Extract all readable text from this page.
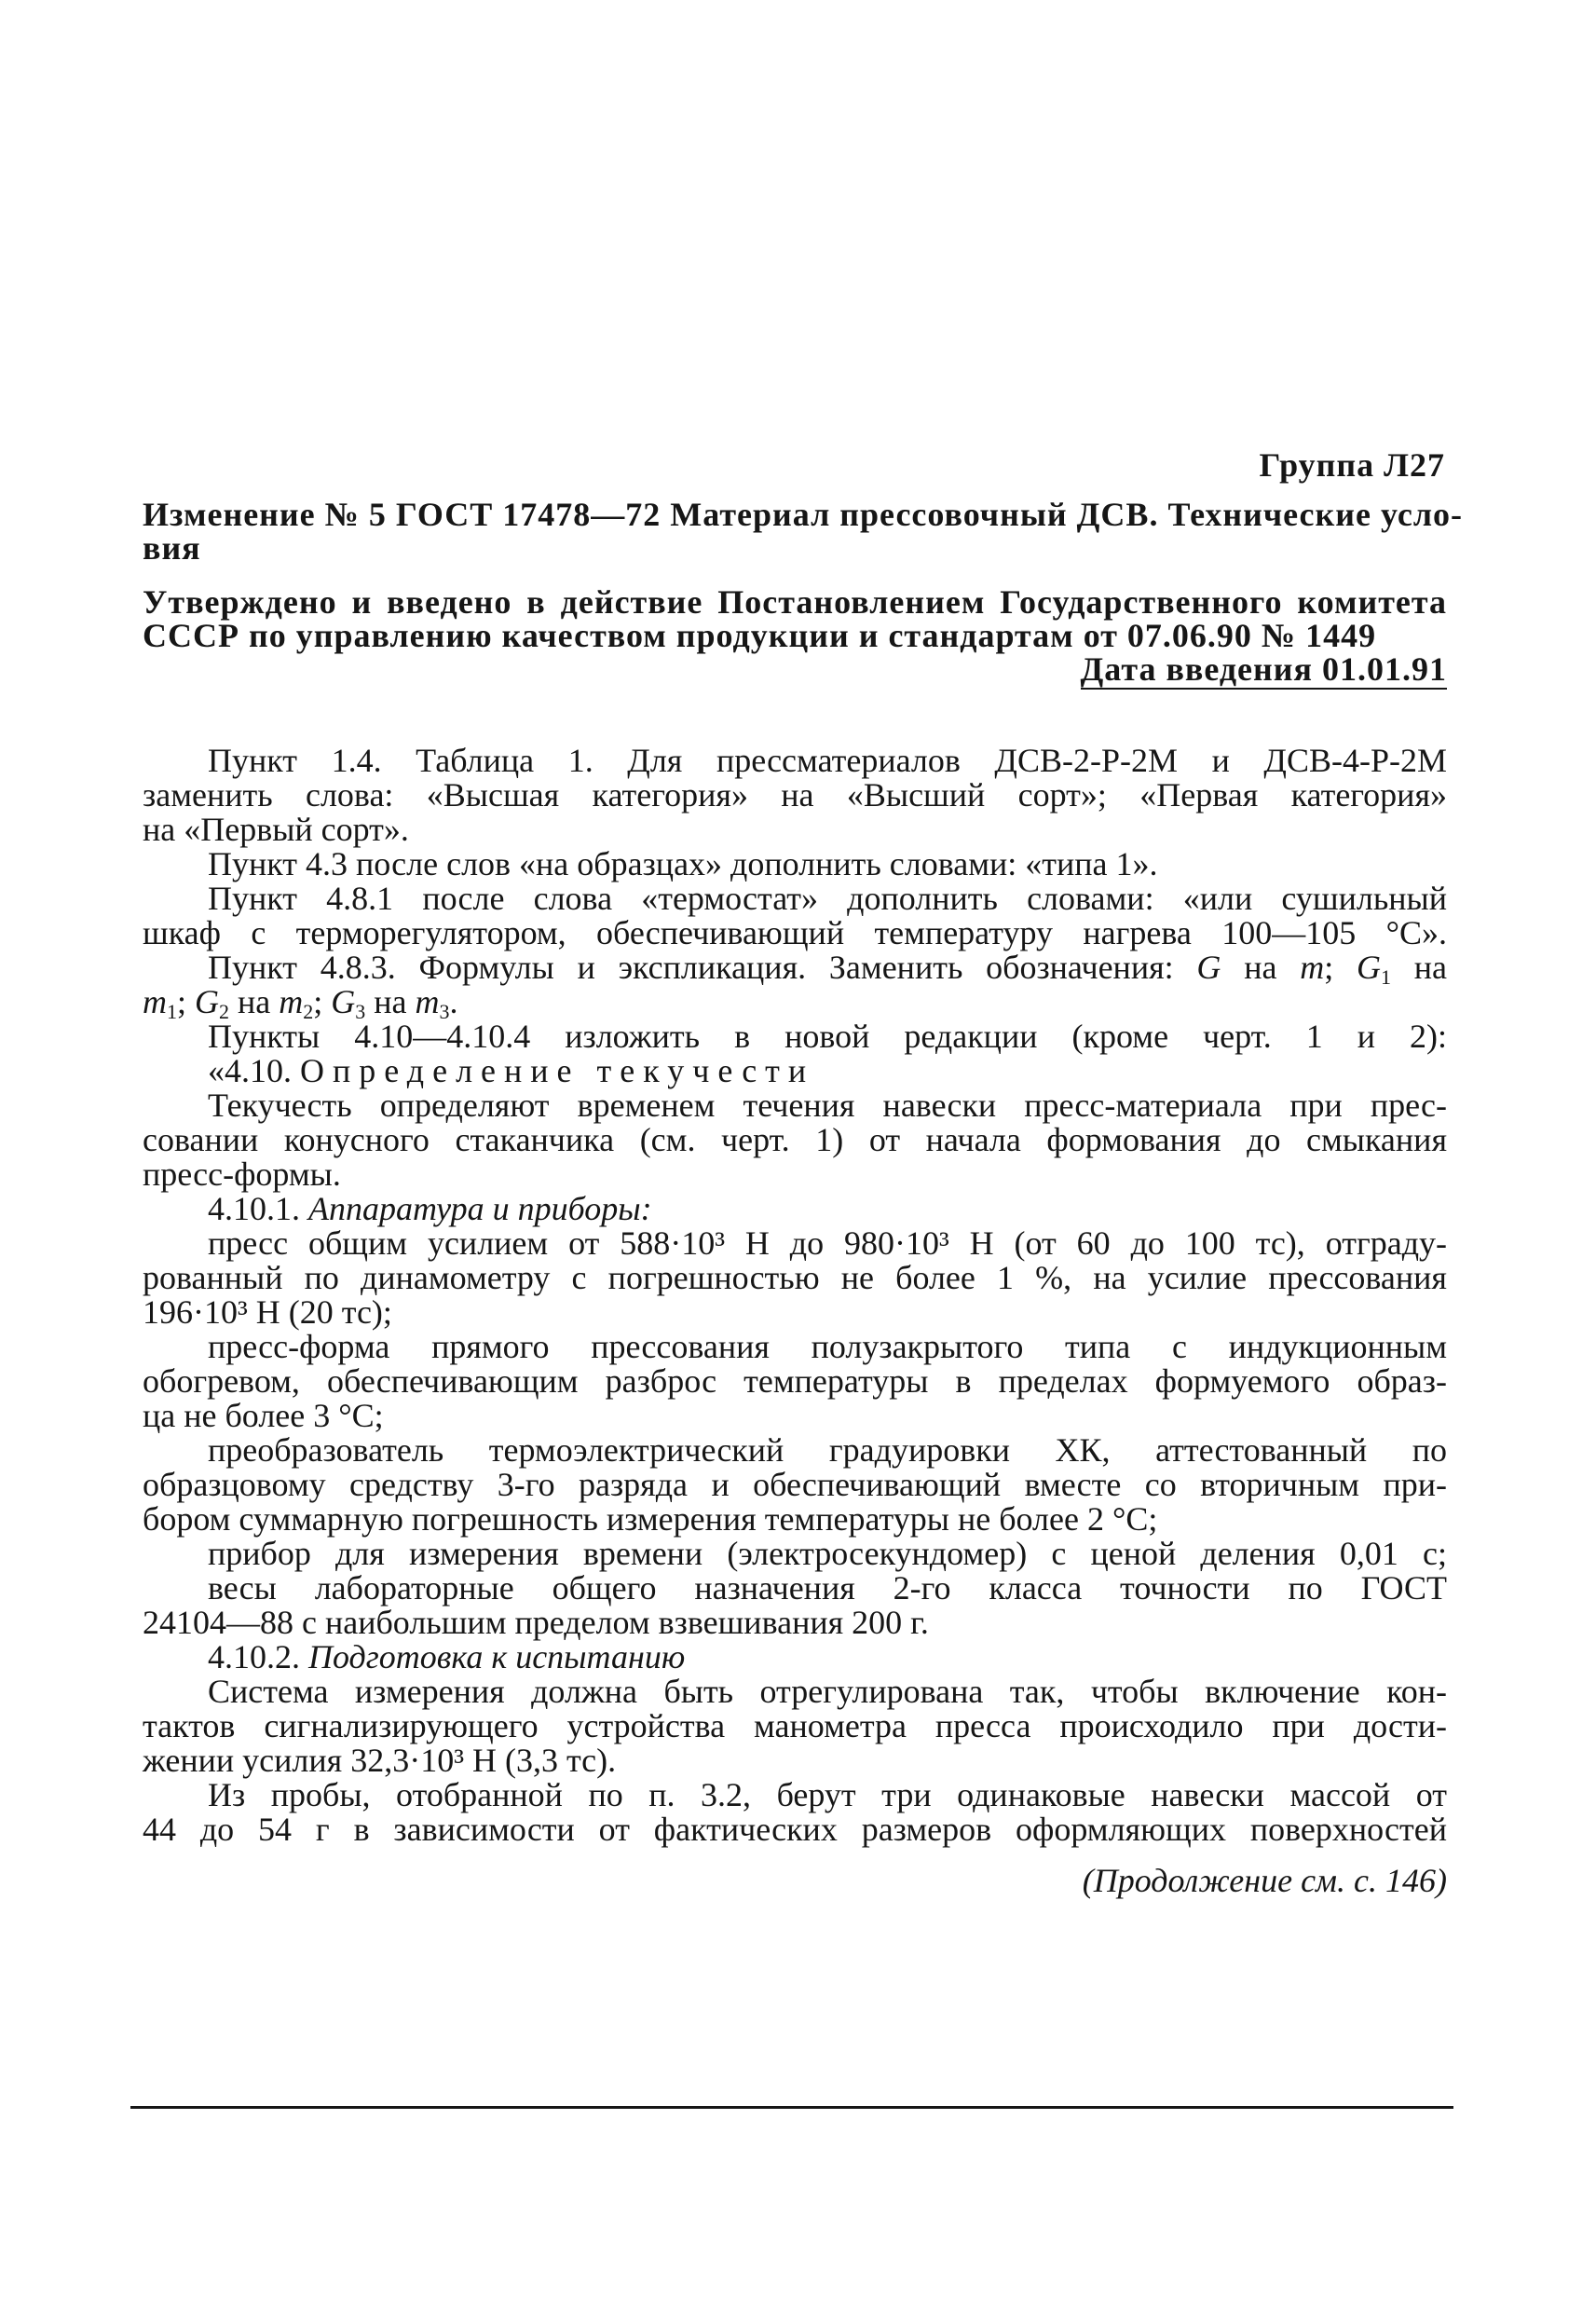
Группа Л27

Изменение № 5 ГОСТ 17478—72 Материал прессовочный ДСВ. Технические усло-

вия

Утверждено и введено в действие Постановлением Государственного комитета

СССР по управлению качеством продукции и стандартам от 07.06.90 № 1449

Дата введения 01.01.91

Пункт 1.4. Таблица 1. Для прессматериалов ДСВ-2-Р-2М и ДСВ-4-Р-2М
заменить слова: «Высшая категория» на «Высший сорт»; «Первая категория»
на «Первый сорт».
Пункт 4.3 после слов «на образцах» дополнить словами: «типа 1».
Пункт 4.8.1 после слова «термостат» дополнить словами: «или сушильный
шкаф с терморегулятором, обеспечивающий температуру нагрева 100—105 °С».
Пункт 4.8.3. Формулы и экспликация. Заменить обозначения: G на m; $G_1$ на
$m_1$; $G_2$ на $m_2$; $G_3$ на $m_3$.
Пункты 4.10—4.10.4 изложить в новой редакции (кроме черт. 1 и 2):
«4.10. Определение текучести
Текучесть определяют временем течения навески пресс-материала при прес-
совании конусного стаканчика (см. черт. 1) от начала формования до смыкания
пресс-формы.
4.10.1. Аппаратура и приборы:
пресс общим усилием от 588·10³ Н до 980·10³ Н (от 60 до 100 тс), отграду-
рованный по динамометру с погрешностью не более 1 %, на усилие прессования
196·10³ Н (20 тс);
пресс-форма прямого прессования полузакрытого типа с индукционным
обогревом, обеспечивающим разброс температуры в пределах формуемого образ-
ца не более 3 °С;
преобразователь термоэлектрический градуировки ХК, аттестованный по
образцовому средству 3-го разряда и обеспечивающий вместе со вторичным при-
бором суммарную погрешность измерения температуры не более 2 °С;
прибор для измерения времени (электросекундомер) с ценой деления 0,01 с;
весы лабораторные общего назначения 2-го класса точности по ГОСТ
24104—88 с наибольшим пределом взвешивания 200 г.
4.10.2. Подготовка к испытанию
Система измерения должна быть отрегулирована так, чтобы включение кон-
тактов сигнализирующего устройства манометра пресса происходило при дости-
жении усилия 32,3·10³ Н (3,3 тс).
Из пробы, отобранной по п. 3.2, берут три одинаковые навески массой от
44 до 54 г в зависимости от фактических размеров оформляющих поверхностей
(Продолжение см. с. 146)
